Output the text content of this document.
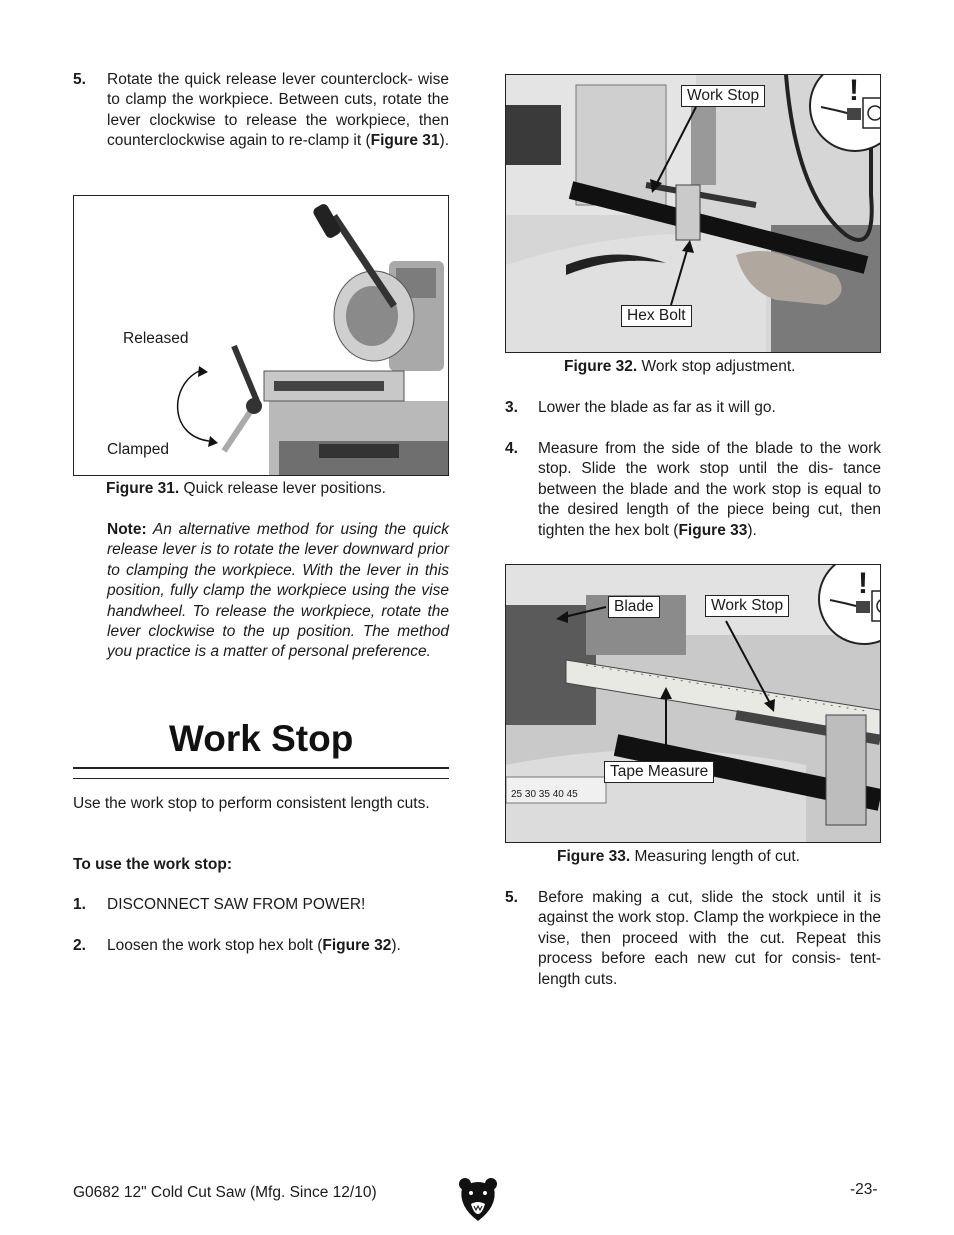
5. Rotate the quick release lever counterclock- wise to clamp the workpiece. Between cuts, rotate the lever clockwise to release the workpiece, then counterclockwise again to re-clamp it (Figure 31).
Released
Clamped
Figure 31. Quick release lever positions.
Note: An alternative method for using the quick release lever is to rotate the lever downward prior to clamping the workpiece. With the lever in this position, fully clamp the workpiece using the vise handwheel. To release the workpiece, rotate the lever clockwise to the up position. The method you practice is a matter of personal preference.
Work Stop

Use the work stop to perform consistent length cuts.

To use the work stop:

1. DISCONNECT SAW FROM POWER!
2. Loosen the work stop hex bolt (Figure 32).
Work Stop
Hex Bolt
!
Figure 32. Work stop adjustment.
3. Lower the blade as far as it will go.
4. Measure from the side of the blade to the work stop. Slide the work stop until the dis- tance between the blade and the work stop is equal to the desired length of the piece being cut, then tighten the hex bolt (Figure 33).
25 30 35 40 45
Blade	Work Stop
Tape Measure
!
Figure 33. Measuring length of cut.
5. Before making a cut, slide the stock until it is against the work stop. Clamp the workpiece in the vise, then proceed with the cut. Repeat this process before each new cut for consis- tent-length cuts.
G0682 12" Cold Cut Saw (Mfg. Since 12/10)	-23-
